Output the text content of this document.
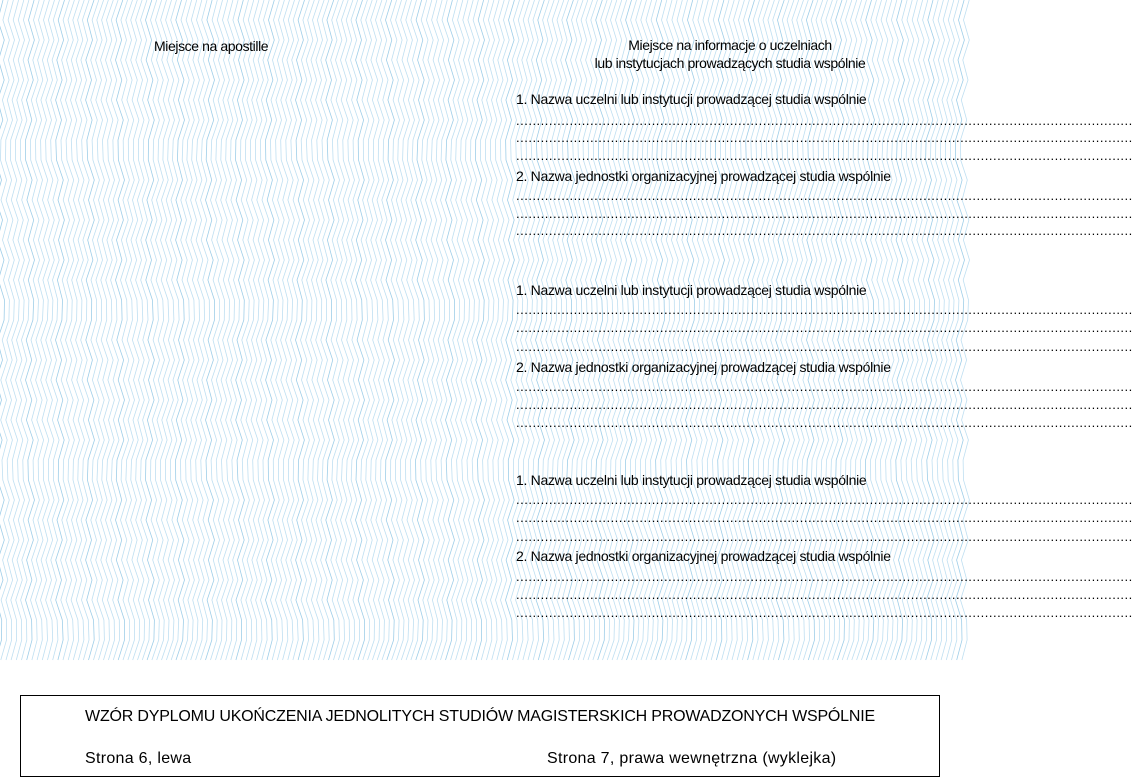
Miejsce na apostille	Miejsce na informacje o uczelniach
lub instytucjach prowadzących studia wspólnie
1. Nazwa uczelni lub instytucji prowadzącej studia wspólnie
......................................................................................................................................................
......................................................................................................................................................
......................................................................................................................................................
2. Nazwa jednostki organizacyjnej prowadzącej studia wspólnie
......................................................................................................................................................
......................................................................................................................................................
......................................................................................................................................................
1. Nazwa uczelni lub instytucji prowadzącej studia wspólnie
......................................................................................................................................................
......................................................................................................................................................
......................................................................................................................................................
2. Nazwa jednostki organizacyjnej prowadzącej studia wspólnie
......................................................................................................................................................
......................................................................................................................................................
......................................................................................................................................................
1. Nazwa uczelni lub instytucji prowadzącej studia wspólnie
......................................................................................................................................................
......................................................................................................................................................
......................................................................................................................................................
2. Nazwa jednostki organizacyjnej prowadzącej studia wspólnie
......................................................................................................................................................
......................................................................................................................................................
......................................................................................................................................................
WZÓR DYPLOMU UKOŃCZENIA JEDNOLITYCH STUDIÓW MAGISTERSKICH PROWADZONYCH WSPÓLNIE
Strona 6, lewa	Strona 7, prawa wewnętrzna (wyklejka)
